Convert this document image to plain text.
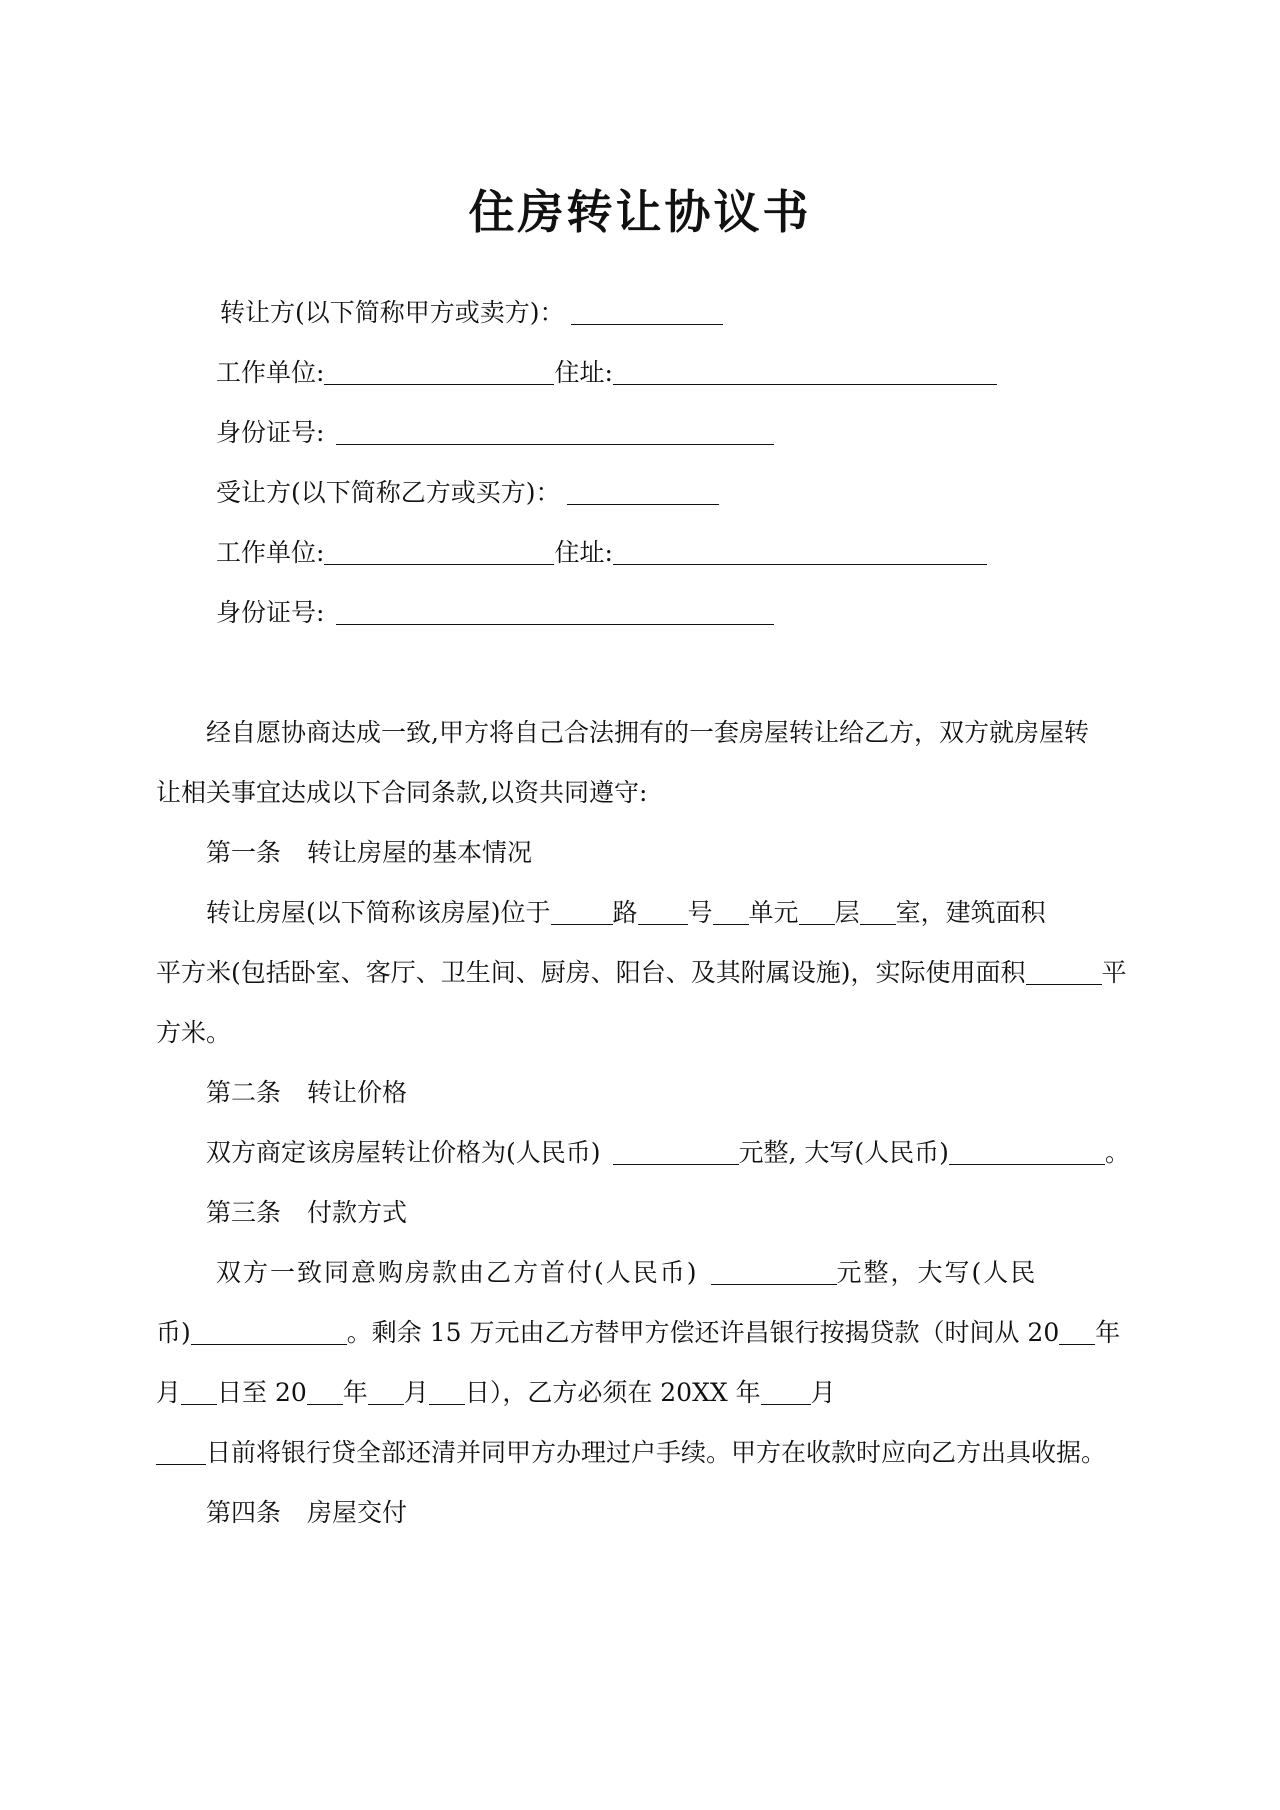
住房转让协议书
转让方(以下简称甲方或卖方)：
工作单位:	住址:
身份证号:
受让方(以下简称乙方或买方)：
工作单位:	住址:
身份证号:
经自愿协商达成一致,甲方将自己合法拥有的一套房屋转让给乙方，双方就房屋转
让相关事宜达成以下合同条款,以资共同遵守:
第一条 转让房屋的基本情况
转让房屋(以下简称该房屋)位于 路 号 单元 层 室，建筑面积
平方米(包括卧室、客厅、卫生间、厨房、阳台、及其附属设施)，实际使用面积	平
方米。
第二条 转让价格
双方商定该房屋转让价格为(人民币)	元整, 大写(人民币)	。
第三条 付款方式
双方一致同意购房款由乙方首付(人民币)	元整，大写(人民
币)	。剩余 15 万元由乙方替甲方偿还许昌银行按揭贷款（时间从 20 年
月 日至 20 年 月 日），乙方必须在 20XX 年 月
日前将银行贷全部还清并同甲方办理过户手续。甲方在收款时应向乙方出具收据。
第四条 房屋交付
